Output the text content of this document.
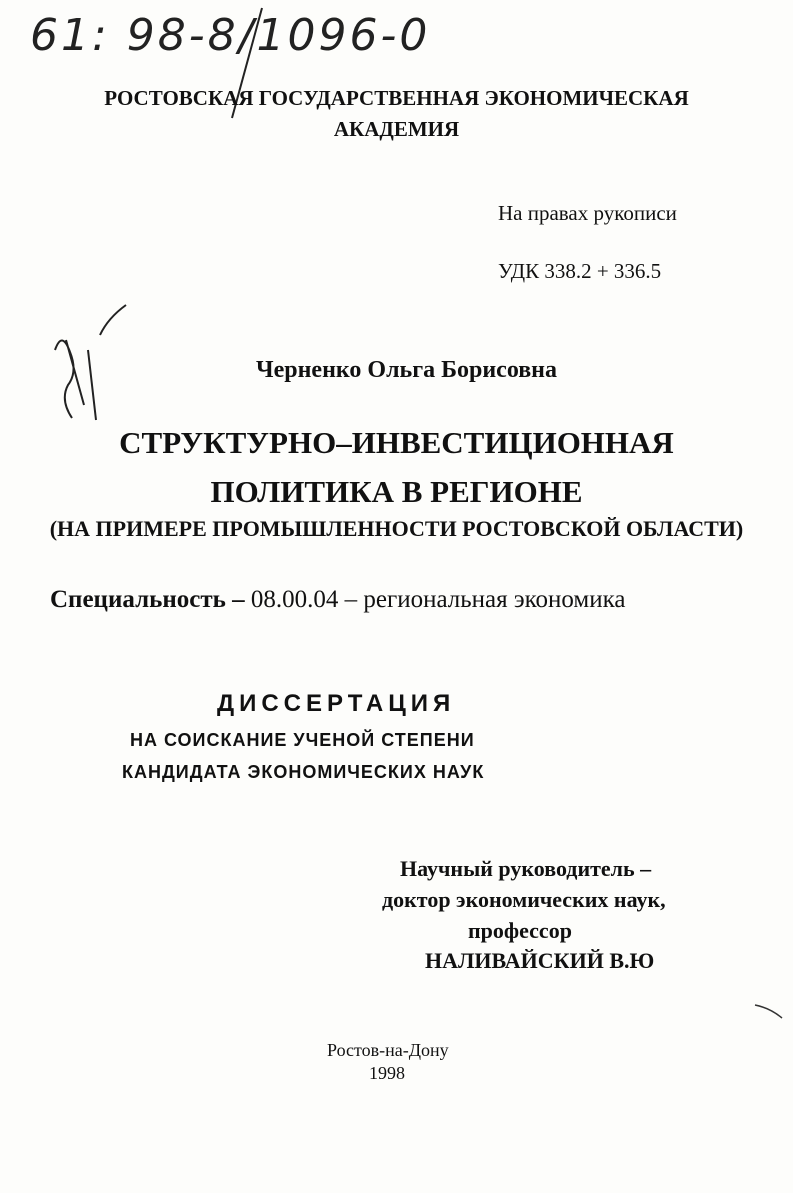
61: 98-8/1096-0
РОСТОВСКАЯ ГОСУДАРСТВЕННАЯ ЭКОНОМИЧЕСКАЯ
АКАДЕМИЯ
На правах рукописи
УДК 338.2 + 336.5
Черненко Ольга Борисовна
СТРУКТУРНО–ИНВЕСТИЦИОННАЯ
ПОЛИТИКА В РЕГИОНЕ
(НА ПРИМЕРЕ ПРОМЫШЛЕННОСТИ РОСТОВСКОЙ ОБЛАСТИ)
Специальность – 08.00.04 – региональная экономика
ДИССЕРТАЦИЯ
НА СОИСКАНИЕ УЧЕНОЙ СТЕПЕНИ
КАНДИДАТА ЭКОНОМИЧЕСКИХ НАУК
Научный руководитель –
доктор экономических наук,
профессор
НАЛИВАЙСКИЙ В.Ю
Ростов-на-Дону
1998
